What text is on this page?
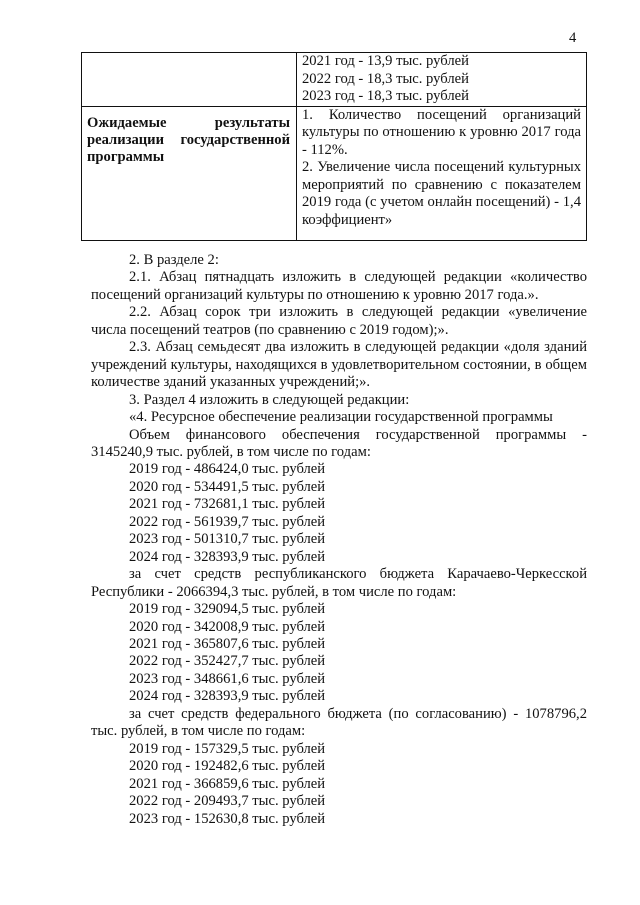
4

	2021 год - 13,9 тыс. рублей
2022 год - 18,3 тыс. рублей
2023 год - 18,3 тыс. рублей

Ожидаемые результаты реализации государственной программы	1. Количество посещений организаций культуры по отношению к уровню 2017 года - 112%.
2. Увеличение числа посещений культурных мероприятий по сравнению с показателем 2019 года (с учетом онлайн посещений) - 1,4 коэффициент»
2. В разделе 2:
2.1. Абзац пятнадцать изложить в следующей редакции «количество посещений организаций культуры по отношению к уровню 2017 года.».
2.2. Абзац сорок три изложить в следующей редакции «увеличение числа посещений театров (по сравнению с 2019 годом);».
2.3. Абзац семьдесят два изложить в следующей редакции «доля зданий учреждений культуры, находящихся в удовлетворительном состоянии, в общем количестве зданий указанных учреждений;».
3. Раздел 4 изложить в следующей редакции:
«4. Ресурсное обеспечение реализации государственной программы
Объем финансового обеспечения государственной программы - 3145240,9 тыс. рублей, в том числе по годам:
2019 год - 486424,0 тыс. рублей
2020 год - 534491,5 тыс. рублей
2021 год - 732681,1 тыс. рублей
2022 год - 561939,7 тыс. рублей
2023 год - 501310,7 тыс. рублей
2024 год - 328393,9 тыс. рублей
за счет средств республиканского бюджета Карачаево-Черкесской Республики - 2066394,3 тыс. рублей, в том числе по годам:
2019 год - 329094,5 тыс. рублей
2020 год - 342008,9 тыс. рублей
2021 год - 365807,6 тыс. рублей
2022 год - 352427,7 тыс. рублей
2023 год - 348661,6 тыс. рублей
2024 год - 328393,9 тыс. рублей
за счет средств федерального бюджета (по согласованию) - 1078796,2 тыс. рублей, в том числе по годам:
2019 год - 157329,5 тыс. рублей
2020 год - 192482,6 тыс. рублей
2021 год - 366859,6 тыс. рублей
2022 год - 209493,7 тыс. рублей
2023 год - 152630,8 тыс. рублей
